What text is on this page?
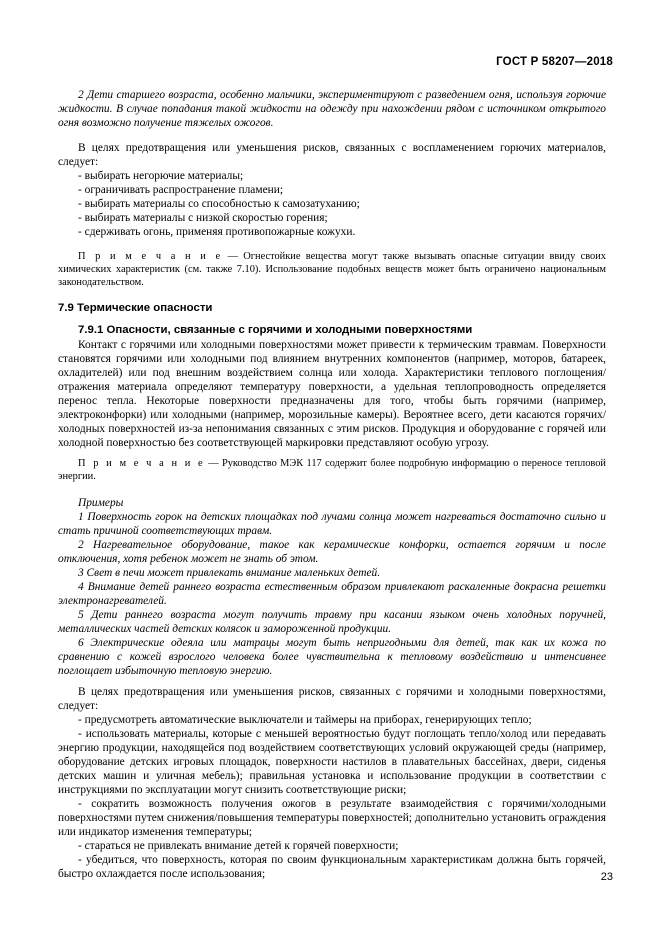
ГОСТ Р 58207—2018

2 Дети старшего возраста, особенно мальчики, экспериментируют с разведением огня, используя горючие жидкости. В случае попадания такой жидкости на одежду при нахождении рядом с источником открытого огня возможно получение тяжелых ожогов.

В целях предотвращения или уменьшения рисков, связанных с воспламенением горючих материалов, следует:

- выбирать негорючие материалы;

- ограничивать распространение пламени;

- выбирать материалы со способностью к самозатуханию;

- выбирать материалы с низкой скоростью горения;

- сдерживать огонь, применяя противопожарные кожухи.

П р и м е ч а н и е — Огнестойкие вещества могут также вызывать опасные ситуации ввиду своих химических характеристик (см. также 7.10). Использование подобных веществ может быть ограничено национальным законодательством.

7.9 Термические опасности
7.9.1 Опасности, связанные с горячими и холодными поверхностями

Контакт с горячими или холодными поверхностями может привести к термическим травмам. Поверхности становятся горячими или холодными под влиянием внутренних компонентов (например, моторов, батареек, охладителей) или под внешним воздействием солнца или холода. Характеристики теплового поглощения/отражения материала определяют температуру поверхности, а удельная теплопроводность определяется перенос тепла. Некоторые поверхности предназначены для того, чтобы быть горячими (например, электроконфорки) или холодными (например, морозильные камеры). Вероятнее всего, дети касаются горячих/холодных поверхностей из-за непонимания связанных с этим рисков. Продукция и оборудование с горячей или холодной поверхностью без соответствующей маркировки представляют особую угрозу.

П р и м е ч а н и е — Руководство МЭК 117 содержит более подробную информацию о переносе тепловой энергии.

Примеры

1 Поверхность горок на детских площадках под лучами солнца может нагреваться достаточно сильно и стать причиной соответствующих травм.

2 Нагревательное оборудование, такое как керамические конфорки, остается горячим и после отключения, хотя ребенок может не знать об этом.

3 Свет в печи может привлекать внимание маленьких детей.

4 Внимание детей раннего возраста естественным образом привлекают раскаленные докрасна решетки электронагревателей.

5 Дети раннего возраста могут получить травму при касании языком очень холодных поручней, металлических частей детских колясок и замороженной продукции.

6 Электрические одеяла или матрацы могут быть непригодными для детей, так как их кожа по сравнению с кожей взрослого человека более чувствительна к тепловому воздействию и интенсивнее поглощает избыточную тепловую энергию.

В целях предотвращения или уменьшения рисков, связанных с горячими и холодными поверхностями, следует:

- предусмотреть автоматические выключатели и таймеры на приборах, генерирующих тепло;

- использовать материалы, которые с меньшей вероятностью будут поглощать тепло/холод или передавать энергию продукции, находящейся под воздействием соответствующих условий окружающей среды (например, оборудование детских игровых площадок, поверхности настилов в плавательных бассейнах, двери, сиденья детских машин и уличная мебель); правильная установка и использование продукции в соответствии с инструкциями по эксплуатации могут снизить соответствующие риски;

- сократить возможность получения ожогов в результате взаимодействия с горячими/холодными поверхностями путем снижения/повышения температуры поверхностей; дополнительно установить ограждения или индикатор изменения температуры;

- стараться не привлекать внимание детей к горячей поверхности;

- убедиться, что поверхность, которая по своим функциональным характеристикам должна быть горячей, быстро охлаждается после использования;	23
